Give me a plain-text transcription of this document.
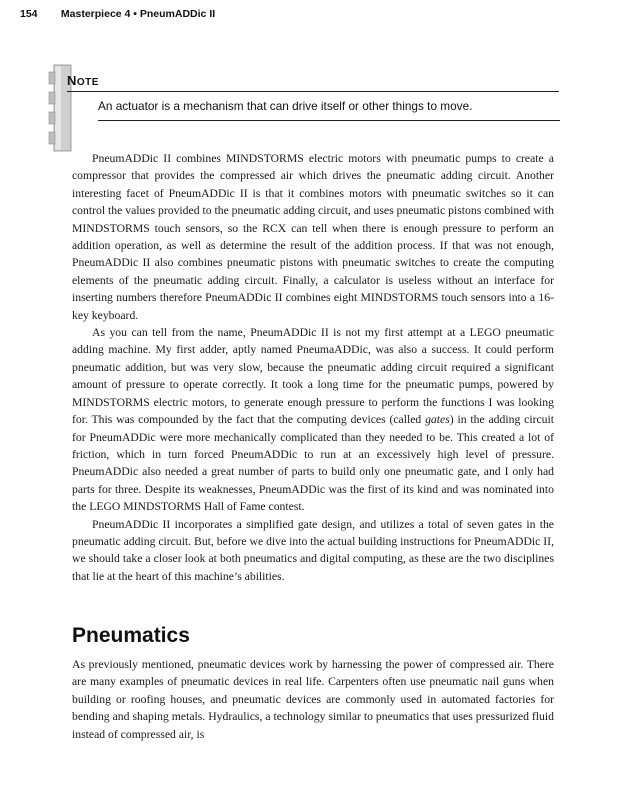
154 Masterpiece 4 • PneumADDic II
NOTE
An actuator is a mechanism that can drive itself or other things to move.

PneumADDic II combines MINDSTORMS electric motors with pneumatic pumps to create a compressor that provides the compressed air which drives the pneumatic adding circuit. Another interesting facet of PneumADDic II is that it combines motors with pneumatic switches so it can control the values provided to the pneumatic adding circuit, and uses pneumatic pistons combined with MINDSTORMS touch sensors, so the RCX can tell when there is enough pressure to perform an addition operation, as well as determine the result of the addition process. If that was not enough, PneumADDic II also combines pneumatic pistons with pneumatic switches to create the computing elements of the pneumatic adding circuit. Finally, a calculator is useless without an interface for inserting numbers therefore PneumADDic II combines eight MINDSTORMS touch sensors into a 16-key keyboard.

As you can tell from the name, PneumADDic II is not my first attempt at a LEGO pneumatic adding machine. My first adder, aptly named PneumaADDic, was also a success. It could perform pneumatic addition, but was very slow, because the pneumatic adding circuit required a significant amount of pressure to operate correctly. It took a long time for the pneumatic pumps, powered by MINDSTORMS electric motors, to generate enough pressure to perform the functions I was looking for. This was compounded by the fact that the computing devices (called gates) in the adding circuit for PneumADDic were more mechanically complicated than they needed to be. This created a lot of friction, which in turn forced PneumADDic to run at an excessively high level of pressure. PneumADDic also needed a great number of parts to build only one pneumatic gate, and I only had parts for three. Despite its weaknesses, PneumADDic was the first of its kind and was nominated into the LEGO MINDSTORMS Hall of Fame contest.

PneumADDic II incorporates a simplified gate design, and utilizes a total of seven gates in the pneumatic adding circuit. But, before we dive into the actual building instructions for PneumADDic II, we should take a closer look at both pneumatics and digital computing, as these are the two disciplines that lie at the heart of this machine’s abilities.

Pneumatics

As previously mentioned, pneumatic devices work by harnessing the power of compressed air. There are many examples of pneumatic devices in real life. Carpenters often use pneumatic nail guns when building or roofing houses, and pneumatic devices are commonly used in automated factories for bending and shaping metals. Hydraulics, a technology similar to pneumatics that uses pressurized fluid instead of compressed air, is
